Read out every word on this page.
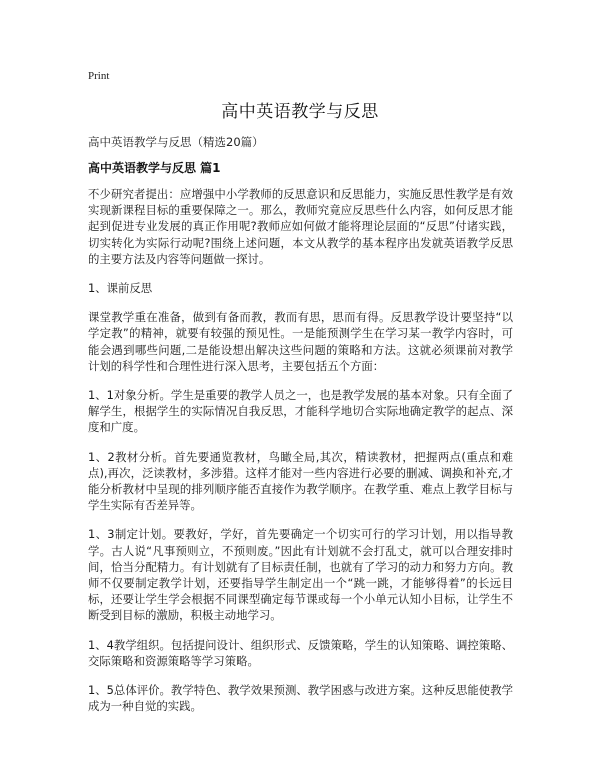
Print
高中英语教学与反思
高中英语教学与反思（精选20篇）
高中英语教学与反思 篇1

不少研究者提出：应增强中小学教师的反思意识和反思能力，实施反思性教学是有效实现新课程目标的重要保障之一。那么，教师究竟应反思些什么内容，如何反思才能起到促进专业发展的真正作用呢?教师应如何做才能将理论层面的“反思”付诸实践，切实转化为实际行动呢?围绕上述问题，本文从教学的基本程序出发就英语教学反思的主要方法及内容等问题做一探讨。

1、课前反思

课堂教学重在准备，做到有备而教，教而有思，思而有得。反思教学设计要坚持“以学定教”的精神，就要有较强的预见性。一是能预测学生在学习某一教学内容时，可能会遇到哪些问题,二是能设想出解决这些问题的策略和方法。这就必须课前对教学计划的科学性和合理性进行深入思考，主要包括五个方面：

1、1对象分析。学生是重要的教学人员之一，也是教学发展的基本对象。只有全面了解学生，根据学生的实际情况自我反思，才能科学地切合实际地确定教学的起点、深度和广度。

1、2教材分析。首先要通览教材，鸟瞰全局,其次，精读教材，把握两点(重点和难点),再次，泛读教材，多涉猎。这样才能对一些内容进行必要的删减、调换和补充,才能分析教材中呈现的排列顺序能否直接作为教学顺序。在教学重、难点上教学目标与学生实际有否差异等。

1、3制定计划。要教好，学好，首先要确定一个切实可行的学习计划，用以指导教学。古人说“凡事预则立，不预则废。”因此有计划就不会打乱丈，就可以合理安排时间，恰当分配精力。有计划就有了目标责任制，也就有了学习的动力和努力方向。教师不仅要制定教学计划，还要指导学生制定出一个“跳一跳，才能够得着”的长远目标，还要让学生学会根据不同课型确定每节课或每一个小单元认知小目标，让学生不断受到目标的激励，积极主动地学习。

1、4教学组织。包括提问设计、组织形式、反馈策略，学生的认知策略、调控策略、交际策略和资源策略等学习策略。

1、5总体评价。教学特色、教学效果预测、教学困惑与改进方案。这种反思能使教学成为一种自觉的实践。
